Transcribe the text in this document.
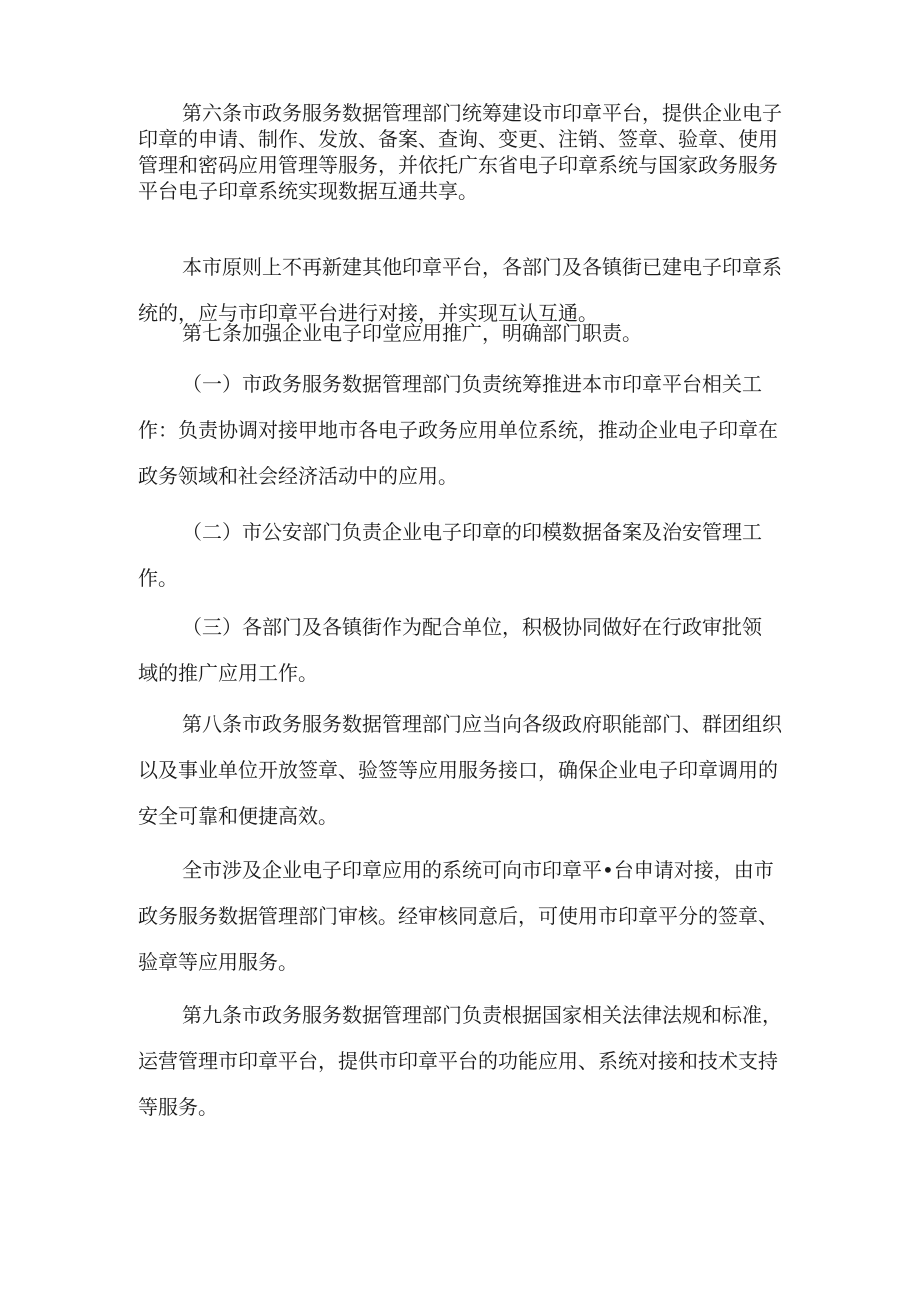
第六条市政务服务数据管理部门统筹建设市印章平台，提供企业电子
印章的申请、制作、发放、备案、查询、变更、注销、签章、验章、使用
管理和密码应用管理等服务，并依托广东省电子印章系统与国家政务服务
平台电子印章系统实现数据互通共享。
本市原则上不再新建其他印章平台，各部门及各镇街已建电子印章系
统的，应与市印章平台进行对接，并实现互认互通。
第七条加强企业电子印堂应用推广，明确部门职责。
（一）市政务服务数据管理部门负责统筹推进本市印章平台相关工
作：负责协调对接甲地市各电子政务应用单位系统，推动企业电子印章在
政务领域和社会经济活动中的应用。
（二）市公安部门负责企业电子印章的印模数据备案及治安管理工
作。
（三）各部门及各镇街作为配合单位，积极协同做好在行政审批领
域的推广应用工作。
第八条市政务服务数据管理部门应当向各级政府职能部门、群团组织
以及事业单位开放签章、验签等应用服务接口，确保企业电子印章调用的
安全可靠和便捷高效。
全市涉及企业电子印章应用的系统可向市印章平•台申请对接，由市
政务服务数据管理部门审核。经审核同意后，可使用市印章平分的签章、
验章等应用服务。
第九条市政务服务数据管理部门负责根据国家相关法律法规和标准，
运营管理市印章平台，提供市印章平台的功能应用、系统对接和技术支持
等服务。
